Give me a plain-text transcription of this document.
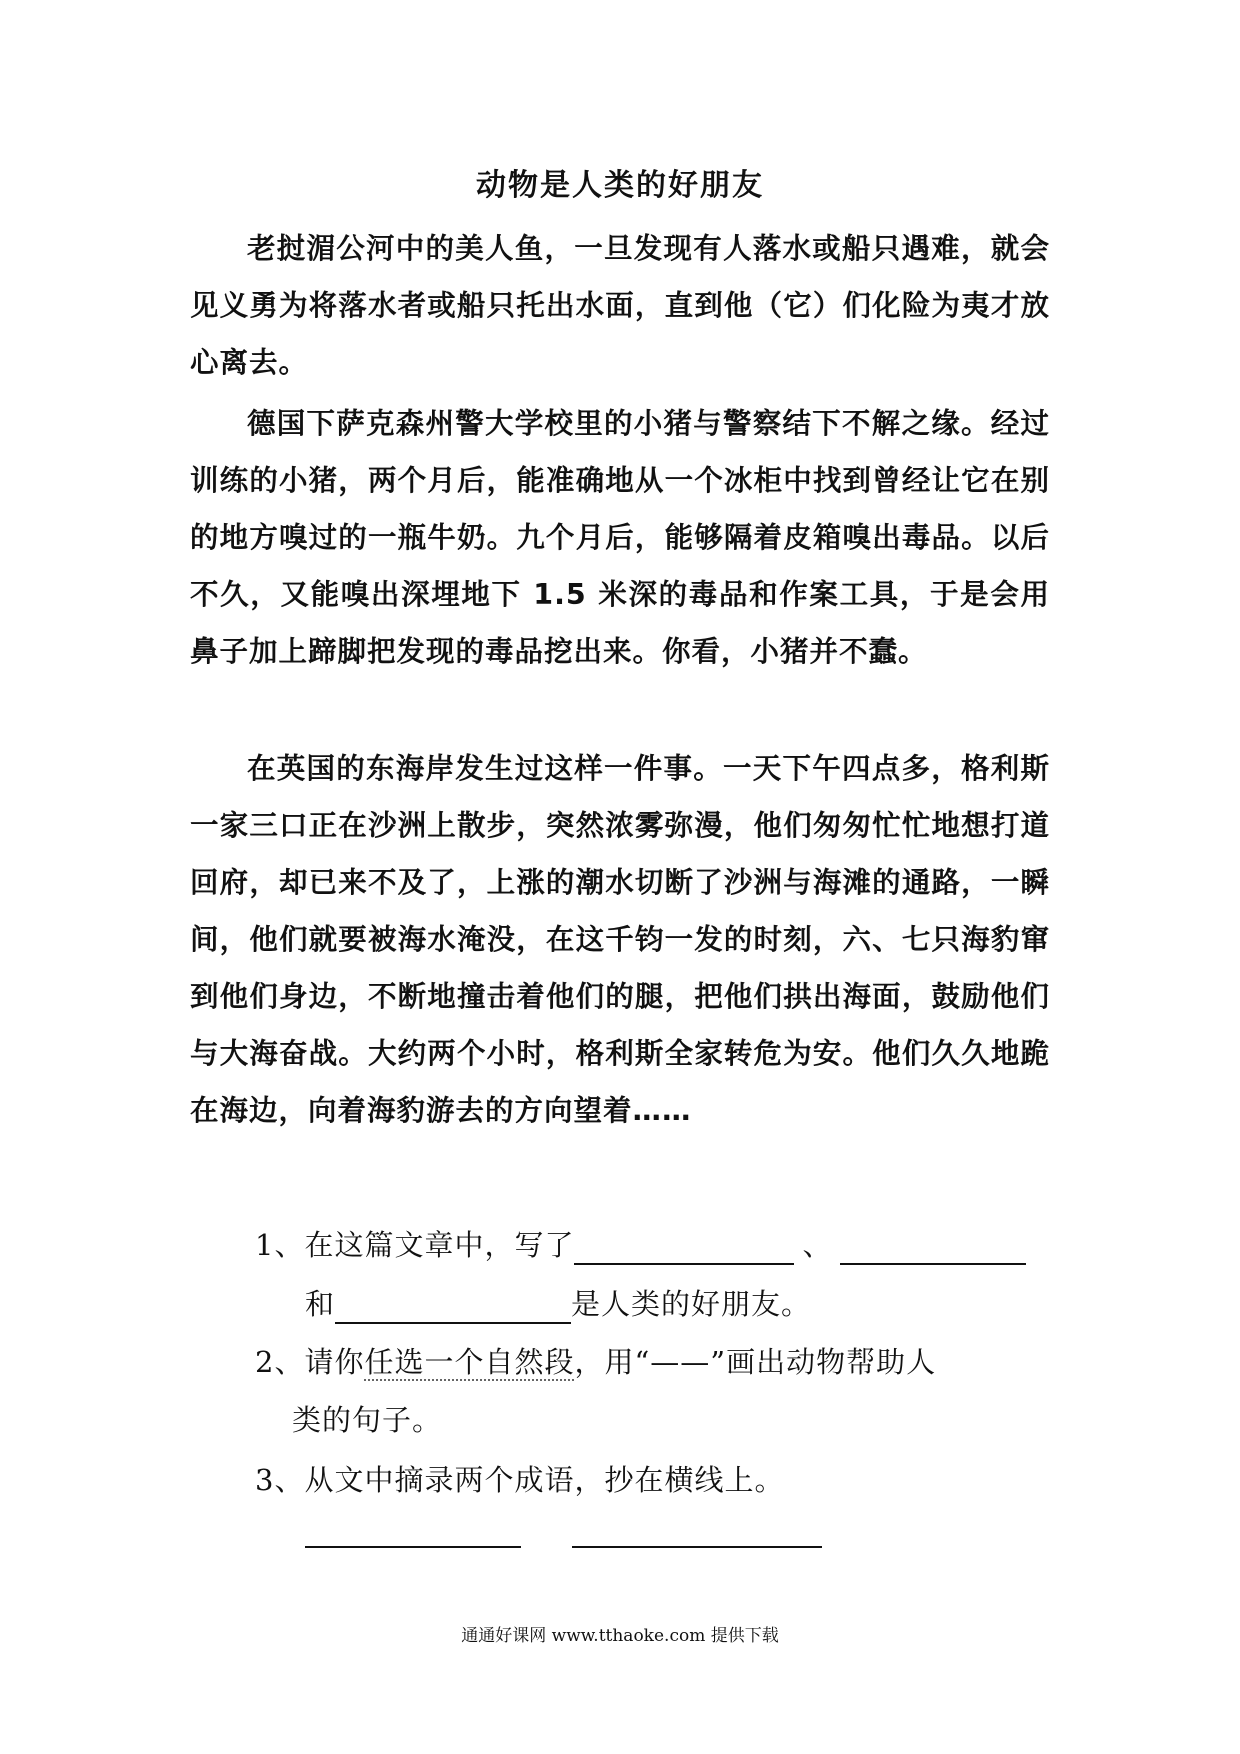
动物是人类的好朋友

老挝湄公河中的美人鱼，一旦发现有人落水或船只遇难，就会见义勇为将落水者或船只托出水面，直到他（它）们化险为夷才放心离去。

德国下萨克森州警大学校里的小猪与警察结下不解之缘。经过训练的小猪，两个月后，能准确地从一个冰柜中找到曾经让它在别的地方嗅过的一瓶牛奶。九个月后，能够隔着皮箱嗅出毒品。以后不久，又能嗅出深埋地下 1.5 米深的毒品和作案工具，于是会用鼻子加上蹄脚把发现的毒品挖出来。你看，小猪并不蠢。

在英国的东海岸发生过这样一件事。一天下午四点多，格利斯一家三口正在沙洲上散步，突然浓雾弥漫，他们匆匆忙忙地想打道回府，却已来不及了，上涨的潮水切断了沙洲与海滩的通路，一瞬间，他们就要被海水淹没，在这千钧一发的时刻，六、七只海豹窜到他们身边，不断地撞击着他们的腿，把他们拱出海面，鼓励他们与大海奋战。大约两个小时，格利斯全家转危为安。他们久久地跪在海边，向着海豹游去的方向望着……

1、在这篇文章中，写了	、
和	是人类的好朋友。
2、请你任选一个自然段，用“——”画出动物帮助人
类的句子。
3、从文中摘录两个成语，抄在横线上。
通通好课网 www.tthaoke.com 提供下载
